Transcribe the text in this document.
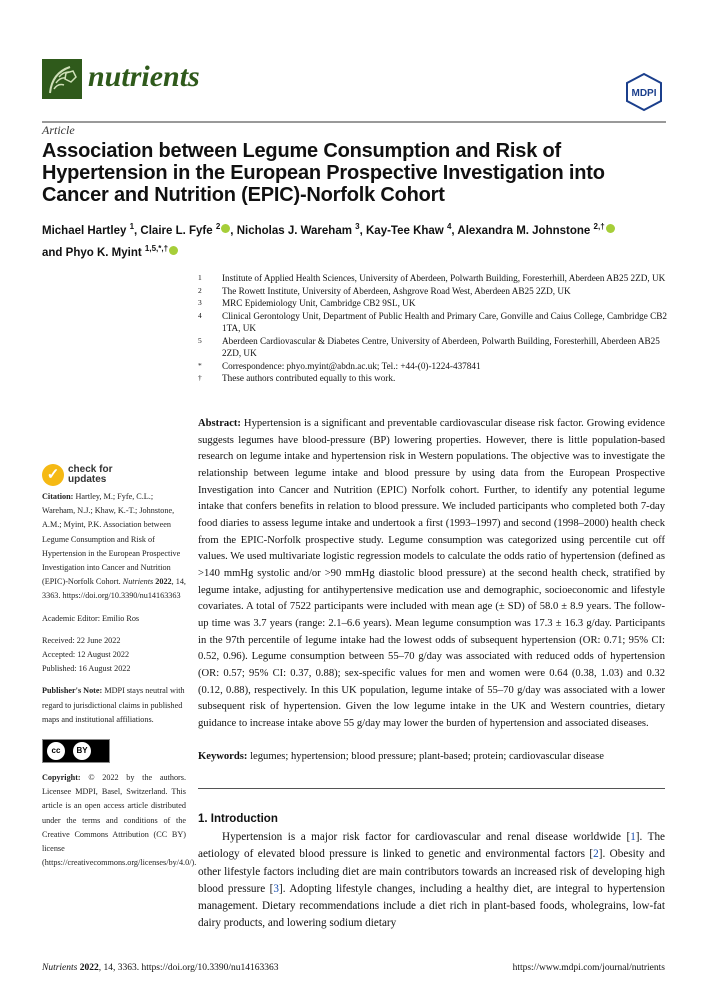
nutrients
MDPI
Article
Association between Legume Consumption and Risk of Hypertension in the European Prospective Investigation into Cancer and Nutrition (EPIC)-Norfolk Cohort
Michael Hartley $^1$, Claire L. Fyfe $^2$ , Nicholas J. Wareham $^3$, Kay-Tee Khaw $^4$, Alexandra M. Johnstone $^{2,\dagger}$
and Phyo K. Myint $^{1,5,*,\dagger}$
1	Institute of Applied Health Sciences, University of Aberdeen, Polwarth Building, Foresterhill, Aberdeen AB25 2ZD, UK
2	The Rowett Institute, University of Aberdeen, Ashgrove Road West, Aberdeen AB25 2ZD, UK
3	MRC Epidemiology Unit, Cambridge CB2 9SL, UK
4	Clinical Gerontology Unit, Department of Public Health and Primary Care, Gonville and Caius College, Cambridge CB2 1TA, UK
5	Aberdeen Cardiovascular & Diabetes Centre, University of Aberdeen, Polwarth Building, Foresterhill, Aberdeen AB25 2ZD, UK
*	Correspondence: phyo.myint@abdn.ac.uk; Tel.: +44-(0)-1224-437841
†	These authors contributed equally to this work.
✓ check for
updates
Citation: Hartley, M.; Fyfe, C.L.; Wareham, N.J.; Khaw, K.-T.; Johnstone, A.M.; Myint, P.K. Association between Legume Consumption and Risk of Hypertension in the European Prospective Investigation into Cancer and Nutrition (EPIC)-Norfolk Cohort. Nutrients 2022, 14, 3363. https://doi.org/10.3390/nu14163363
Academic Editor: Emilio Ros
Received: 22 June 2022
Accepted: 12 August 2022
Published: 16 August 2022
Publisher's Note: MDPI stays neutral with regard to jurisdictional claims in published maps and institutional affiliations.
cc	BY
Copyright: © 2022 by the authors. Licensee MDPI, Basel, Switzerland. This article is an open access article distributed under the terms and conditions of the Creative Commons Attribution (CC BY) license (https://creativecommons.org/licenses/by/4.0/).
Abstract: Hypertension is a significant and preventable cardiovascular disease risk factor. Growing evidence suggests legumes have blood-pressure (BP) lowering properties. However, there is little population-based research on legume intake and hypertension risk in Western populations. The objective was to investigate the relationship between legume intake and blood pressure by using data from the European Prospective Investigation into Cancer and Nutrition (EPIC) Norfolk cohort. Further, to identify any potential legume intake that confers benefits in relation to blood pressure. We included participants who completed both 7-day food diaries to assess legume intake and undertook a first (1993–1997) and second (1998–2000) health check from the EPIC-Norfolk prospective study. Legume consumption was categorized using percentile cut off values. We used multivariate logistic regression models to calculate the odds ratio of hypertension (defined as >140 mmHg systolic and/or >90 mmHg diastolic blood pressure) at the second health check, stratified by legume intake, adjusting for antihypertensive medication use and demographic, socioeconomic and lifestyle covariates. A total of 7522 participants were included with mean age (± SD) of 58.0 ± 8.9 years. The follow-up time was 3.7 years (range: 2.1–6.6 years). Mean legume consumption was 17.3 ± 16.3 g/day. Participants in the 97th percentile of legume intake had the lowest odds of subsequent hypertension (OR: 0.71; 95% CI: 0.52, 0.96). Legume consumption between 55–70 g/day was associated with reduced odds of hypertension (OR: 0.57; 95% CI: 0.37, 0.88); sex-specific values for men and women were 0.64 (0.38, 1.03) and 0.32 (0.12, 0.88), respectively. In this UK population, legume intake of 55–70 g/day was associated with a lower subsequent risk of hypertension. Given the low legume intake in the UK and Western countries, dietary guidance to increase intake above 55 g/day may lower the burden of hypertension and associated diseases.
Keywords: legumes; hypertension; blood pressure; plant-based; protein; cardiovascular disease
1. Introduction
Hypertension is a major risk factor for cardiovascular and renal disease worldwide [1]. The aetiology of elevated blood pressure is linked to genetic and environmental factors [2]. Obesity and other lifestyle factors including diet are main contributors towards an increased risk of developing high blood pressure [3]. Adopting lifestyle changes, including a healthy diet, are integral to hypertension management. Dietary recommendations include a diet rich in plant-based foods, wholegrains, low-fat dairy products, and lowering sodium dietary
Nutrients 2022, 14, 3363. https://doi.org/10.3390/nu14163363	https://www.mdpi.com/journal/nutrients
